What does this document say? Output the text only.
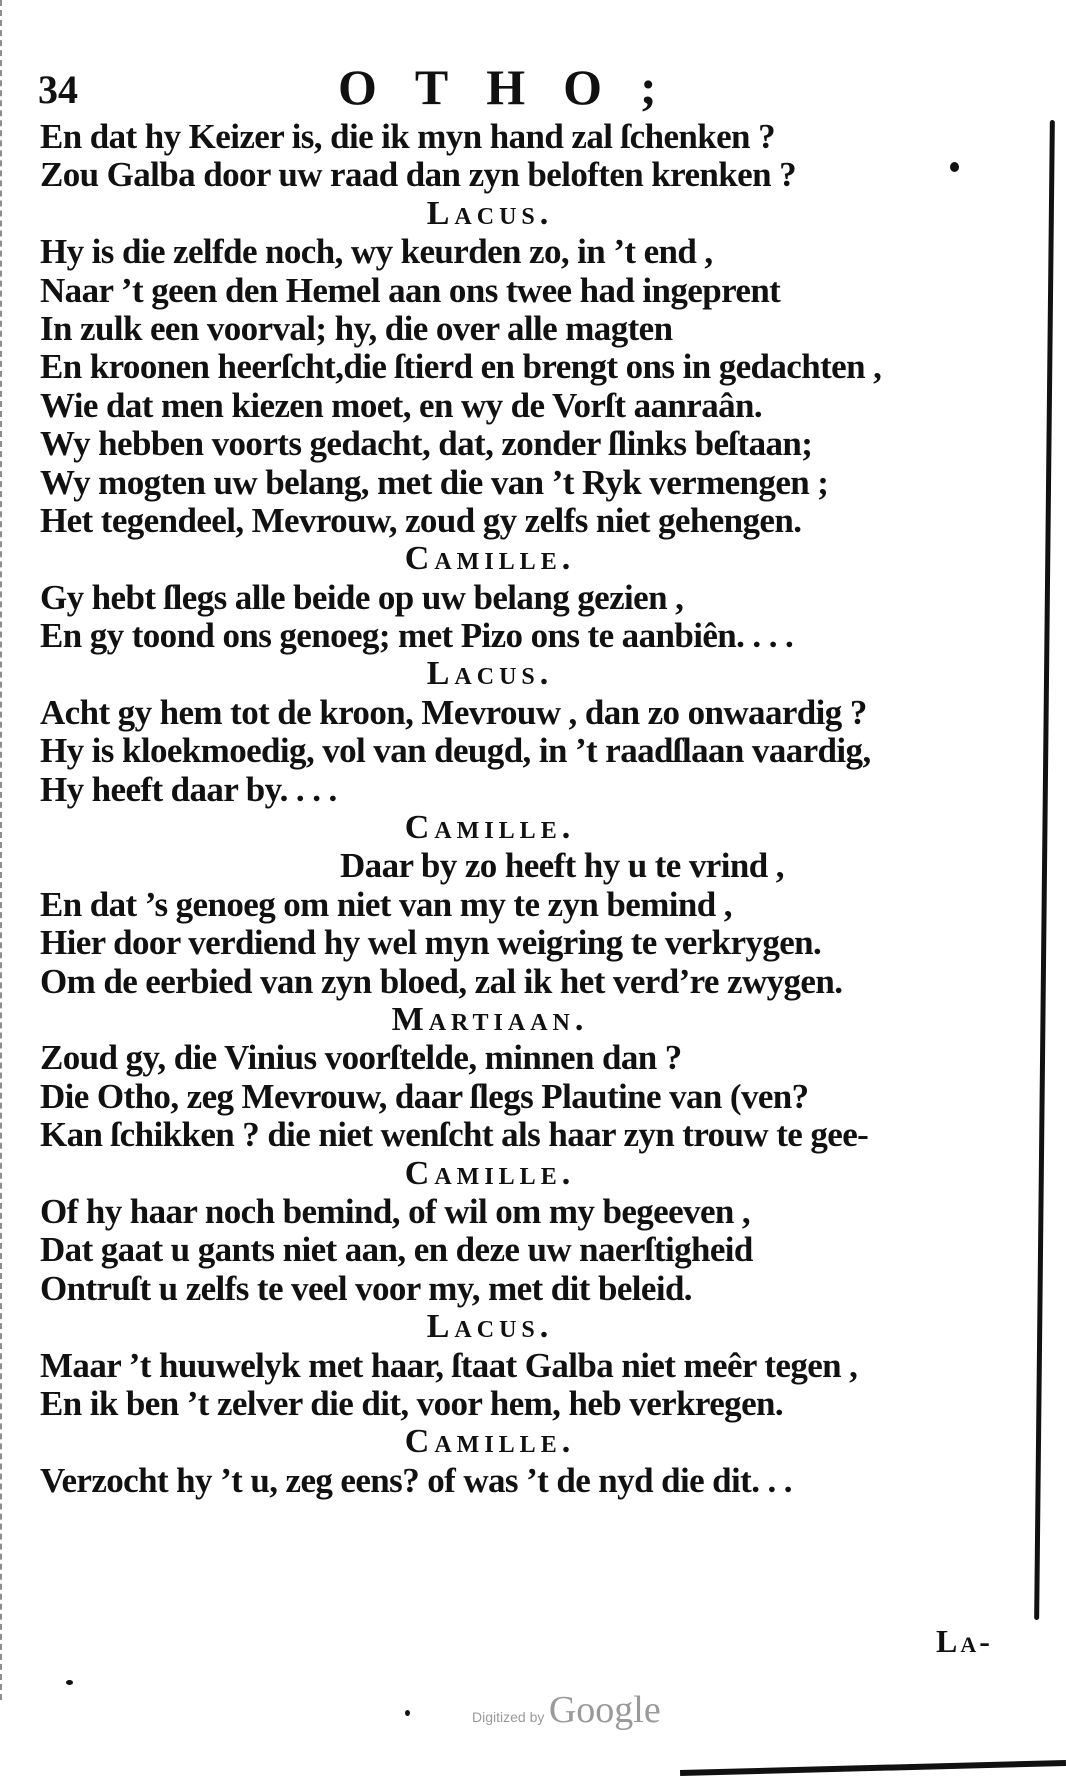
34	OTHO;
En dat hy Keizer is, die ik myn hand zal ſchenken ?
Zou Galba door uw raad dan zyn beloften krenken ?
Lacus.
Hy is die zelfde noch, wy keurden zo, in ’t end ,
Naar ’t geen den Hemel aan ons twee had ingeprent
In zulk een voorval; hy, die over alle magten
En kroonen heerſcht,die ſtierd en brengt ons in gedachten ,
Wie dat men kiezen moet, en wy de Vorſt aanraân.
Wy hebben voorts gedacht, dat, zonder ſlinks beſtaan;
Wy mogten uw belang, met die van ’t Ryk vermengen ;
Het tegendeel, Mevrouw, zoud gy zelfs niet gehengen.
Camille.
Gy hebt ſlegs alle beide op uw belang gezien ,
En gy toond ons genoeg; met Pizo ons te aanbiên. . . .
Lacus.
Acht gy hem tot de kroon, Mevrouw , dan zo onwaardig ?
Hy is kloekmoedig, vol van deugd, in ’t raadſlaan vaardig,
Hy heeft daar by. . . .
Camille.
Daar by zo heeft hy u te vrind ,
En dat ’s genoeg om niet van my te zyn bemind ,
Hier door verdiend hy wel myn weigring te verkrygen.
Om de eerbied van zyn bloed, zal ik het verd’re zwygen.
Martiaan.
Zoud gy, die Vinius voorſtelde, minnen dan ?
Die Otho, zeg Mevrouw, daar ſlegs Plautine van (ven?
Kan ſchikken ? die niet wenſcht als haar zyn trouw te gee-
Camille.
Of hy haar noch bemind, of wil om my begeeven ,
Dat gaat u gants niet aan, en deze uw naerſtigheid
Ontruſt u zelfs te veel voor my, met dit beleid.
Lacus.
Maar ’t huuwelyk met haar, ſtaat Galba niet meêr tegen ,
En ik ben ’t zelver die dit, voor hem, heb verkregen.
Camille.
Verzocht hy ’t u, zeg eens? of was ’t de nyd die dit. . .
La-
Digitized by Google
